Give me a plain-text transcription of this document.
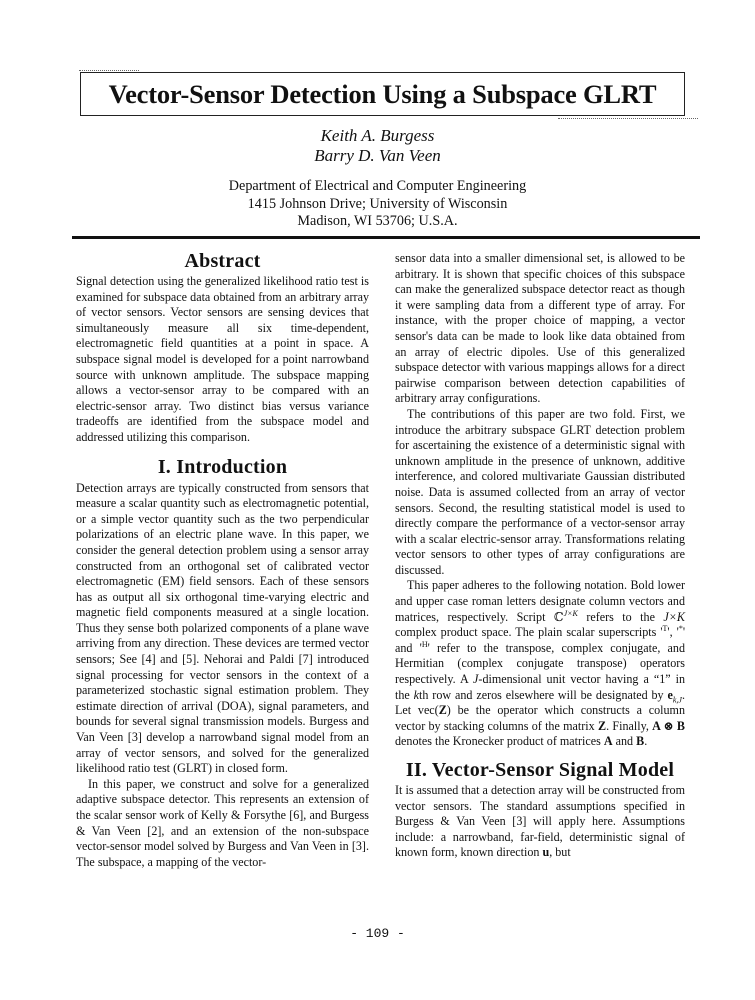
Vector-Sensor Detection Using a Subspace GLRT
Keith A. Burgess
Barry D. Van Veen
Department of Electrical and Computer Engineering
1415 Johnson Drive; University of Wisconsin
Madison, WI 53706; U.S.A.
Abstract

Signal detection using the generalized likelihood ratio test is examined for subspace data obtained from an arbitrary array of vector sensors. Vector sensors are sensing devices that simultaneously measure all six time-dependent, electromagnetic field quantities at a point in space. A subspace signal model is developed for a point narrowband source with unknown amplitude. The subspace mapping allows a vector-sensor array to be compared with an electric-sensor array. Two distinct bias versus variance tradeoffs are identified from the subspace model and addressed utilizing this comparison.

I. Introduction

Detection arrays are typically constructed from sensors that measure a scalar quantity such as electromagnetic potential, or a simple vector quantity such as the two perpendicular polarizations of an electric plane wave. In this paper, we consider the general detection problem using a sensor array constructed from an orthogonal set of calibrated vector electromagnetic (EM) field sensors. Each of these sensors has as output all six orthogonal time-varying electric and magnetic field components measured at a single location. Thus they sense both polarized components of a plane wave arriving from any direction. These devices are termed vector sensors; See [4] and [5]. Nehorai and Paldi [7] introduced signal processing for vector sensors in the context of a parameterized stochastic signal estimation problem. They estimate direction of arrival (DOA), signal parameters, and bounds for several signal transmission models. Burgess and Van Veen [3] develop a narrowband signal model from an array of vector sensors, and solved for the generalized likelihood ratio test (GLRT) in closed form.

In this paper, we construct and solve for a generalized adaptive subspace detector. This represents an extension of the scalar sensor work of Kelly & Forsythe [6], and Burgess & Van Veen [2], and an extension of the non-subspace vector-sensor model solved by Burgess and Van Veen in [3]. The subspace, a mapping of the vector-

sensor data into a smaller dimensional set, is allowed to be arbitrary. It is shown that specific choices of this subspace can make the generalized subspace detector react as though it were sampling data from a different type of array. For instance, with the proper choice of mapping, a vector sensor's data can be made to look like data obtained from an array of electric dipoles. Use of this generalized subspace detector with various mappings allows for a direct pairwise comparison between detection capabilities of arbitrary array configurations.

The contributions of this paper are two fold. First, we introduce the arbitrary subspace GLRT detection problem for ascertaining the existence of a deterministic signal with unknown amplitude in the presence of unknown, additive interference, and colored multivariate Gaussian distributed noise. Data is assumed collected from an array of vector sensors. Second, the resulting statistical model is used to directly compare the performance of a vector-sensor array with a scalar electric-sensor array. Transformations relating vector sensors to other types of array configurations are discussed.

This paper adheres to the following notation. Bold lower and upper case roman letters designate column vectors and matrices, respectively. Script ℂ$^{J\times K}$ refers to the J×K complex product space. The plain scalar superscripts '$^T$', '*' and '$^H$' refer to the transpose, complex conjugate, and Hermitian (complex conjugate transpose) operators respectively. A J-dimensional unit vector having a “1” in the kth row and zeros elsewhere will be designated by $e_{k,J}$. Let vec(Z) be the operator which constructs a column vector by stacking columns of the matrix Z. Finally, A ⊗ B denotes the Kronecker product of matrices A and B.

II. Vector-Sensor Signal Model

It is assumed that a detection array will be constructed from vector sensors. The standard assumptions specified in Burgess & Van Veen [3] will apply here. Assumptions include: a narrowband, far-field, deterministic signal of known form, known direction u, but

- 109 -
